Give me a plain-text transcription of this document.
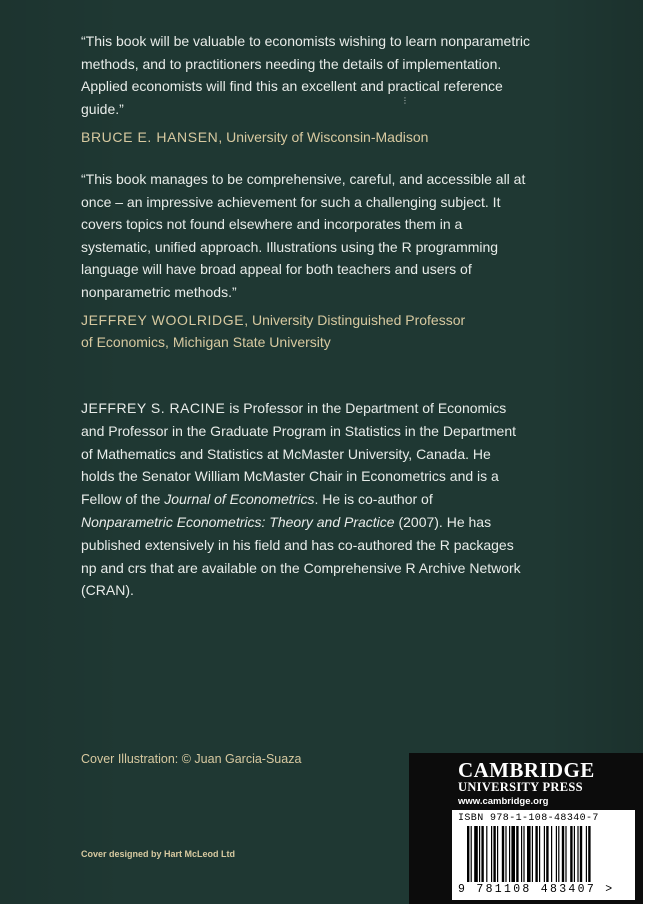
“This book will be valuable to economists wishing to learn nonparametric methods, and to practitioners needing the details of implementation. Applied economists will find this an excellent and practical reference guide.”
BRUCE E. HANSEN, University of Wisconsin-Madison
⋮
“This book manages to be comprehensive, careful, and accessible all at once – an impressive achievement for such a challenging subject. It covers topics not found elsewhere and incorporates them in a systematic, unified approach. Illustrations using the R programming language will have broad appeal for both teachers and users of nonparametric methods.”
JEFFREY WOOLRIDGE, University Distinguished Professor of Economics, Michigan State University
JEFFREY S. RACINE is Professor in the Department of Economics and Professor in the Graduate Program in Statistics in the Department of Mathematics and Statistics at McMaster University, Canada. He holds the Senator William McMaster Chair in Econometrics and is a Fellow of the Journal of Econometrics. He is co-author of Nonparametric Econometrics: Theory and Practice (2007). He has published extensively in his field and has co-authored the R packages np and crs that are available on the Comprehensive R Archive Network (CRAN).
Cover Illustration: © Juan Garcia-Suaza
Cover designed by Hart McLeod Ltd
CAMBRIDGE
UNIVERSITY PRESS
www.cambridge.org
ISBN 978-1-108-48340-7
9 781108 483407 >
